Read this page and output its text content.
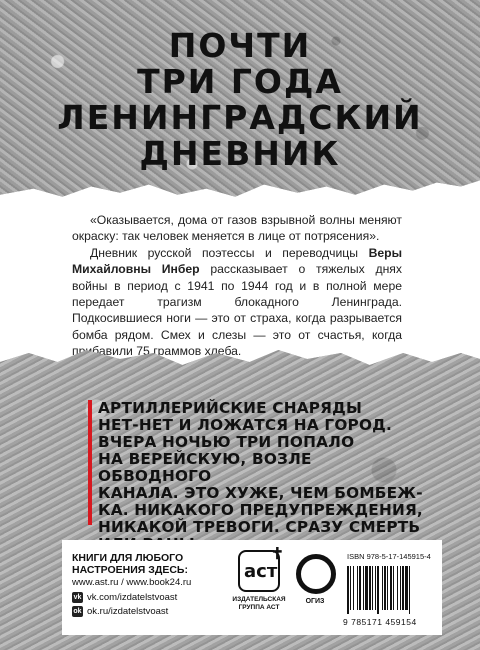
ПОЧТИ
ТРИ ГОДА
ЛЕНИНГРАДСКИЙ
ДНЕВНИК

«Оказывается, дома от газов взрывной волны меняют окраску: так человек меняется в лице от потрясения».

Дневник русской поэтессы и переводчицы Веры Михайловны Инбер рассказывает о тяжелых днях войны в период с 1941 по 1944 год и в полной мере передает трагизм блокадного Ленинграда. Подкосившиеся ноги — это от страха, когда разрывается бомба рядом. Смех и слезы — это от счастья, когда прибавили 75 граммов хлеба.

АРТИЛЛЕРИЙСКИЕ СНАРЯДЫ
НЕТ-НЕТ И ЛОЖАТСЯ НА ГОРОД.
ВЧЕРА НОЧЬЮ ТРИ ПОПАЛО
НА ВЕРЕЙСКУЮ, ВОЗЛЕ ОБВОДНОГО
КАНАЛА. ЭТО ХУЖЕ, ЧЕМ БОМБЕЖ-
КА. НИКАКОГО ПРЕДУПРЕЖДЕНИЯ,
НИКАКОЙ ТРЕВОГИ. СРАЗУ СМЕРТЬ

КНИГИ ДЛЯ ЛЮБОГО
НАСТРОЕНИЯ ЗДЕСЬ:

www.ast.ru / www.book24.ru
vk vk.com/izdatelstvoast
ok ok.ru/izdatelstvoast
аст
✝
ИЗДАТЕЛЬСКАЯ
ГРУППА АСТ
ОГИЗ
ISBN 978-5-17-145915-4
9 785171 459154
